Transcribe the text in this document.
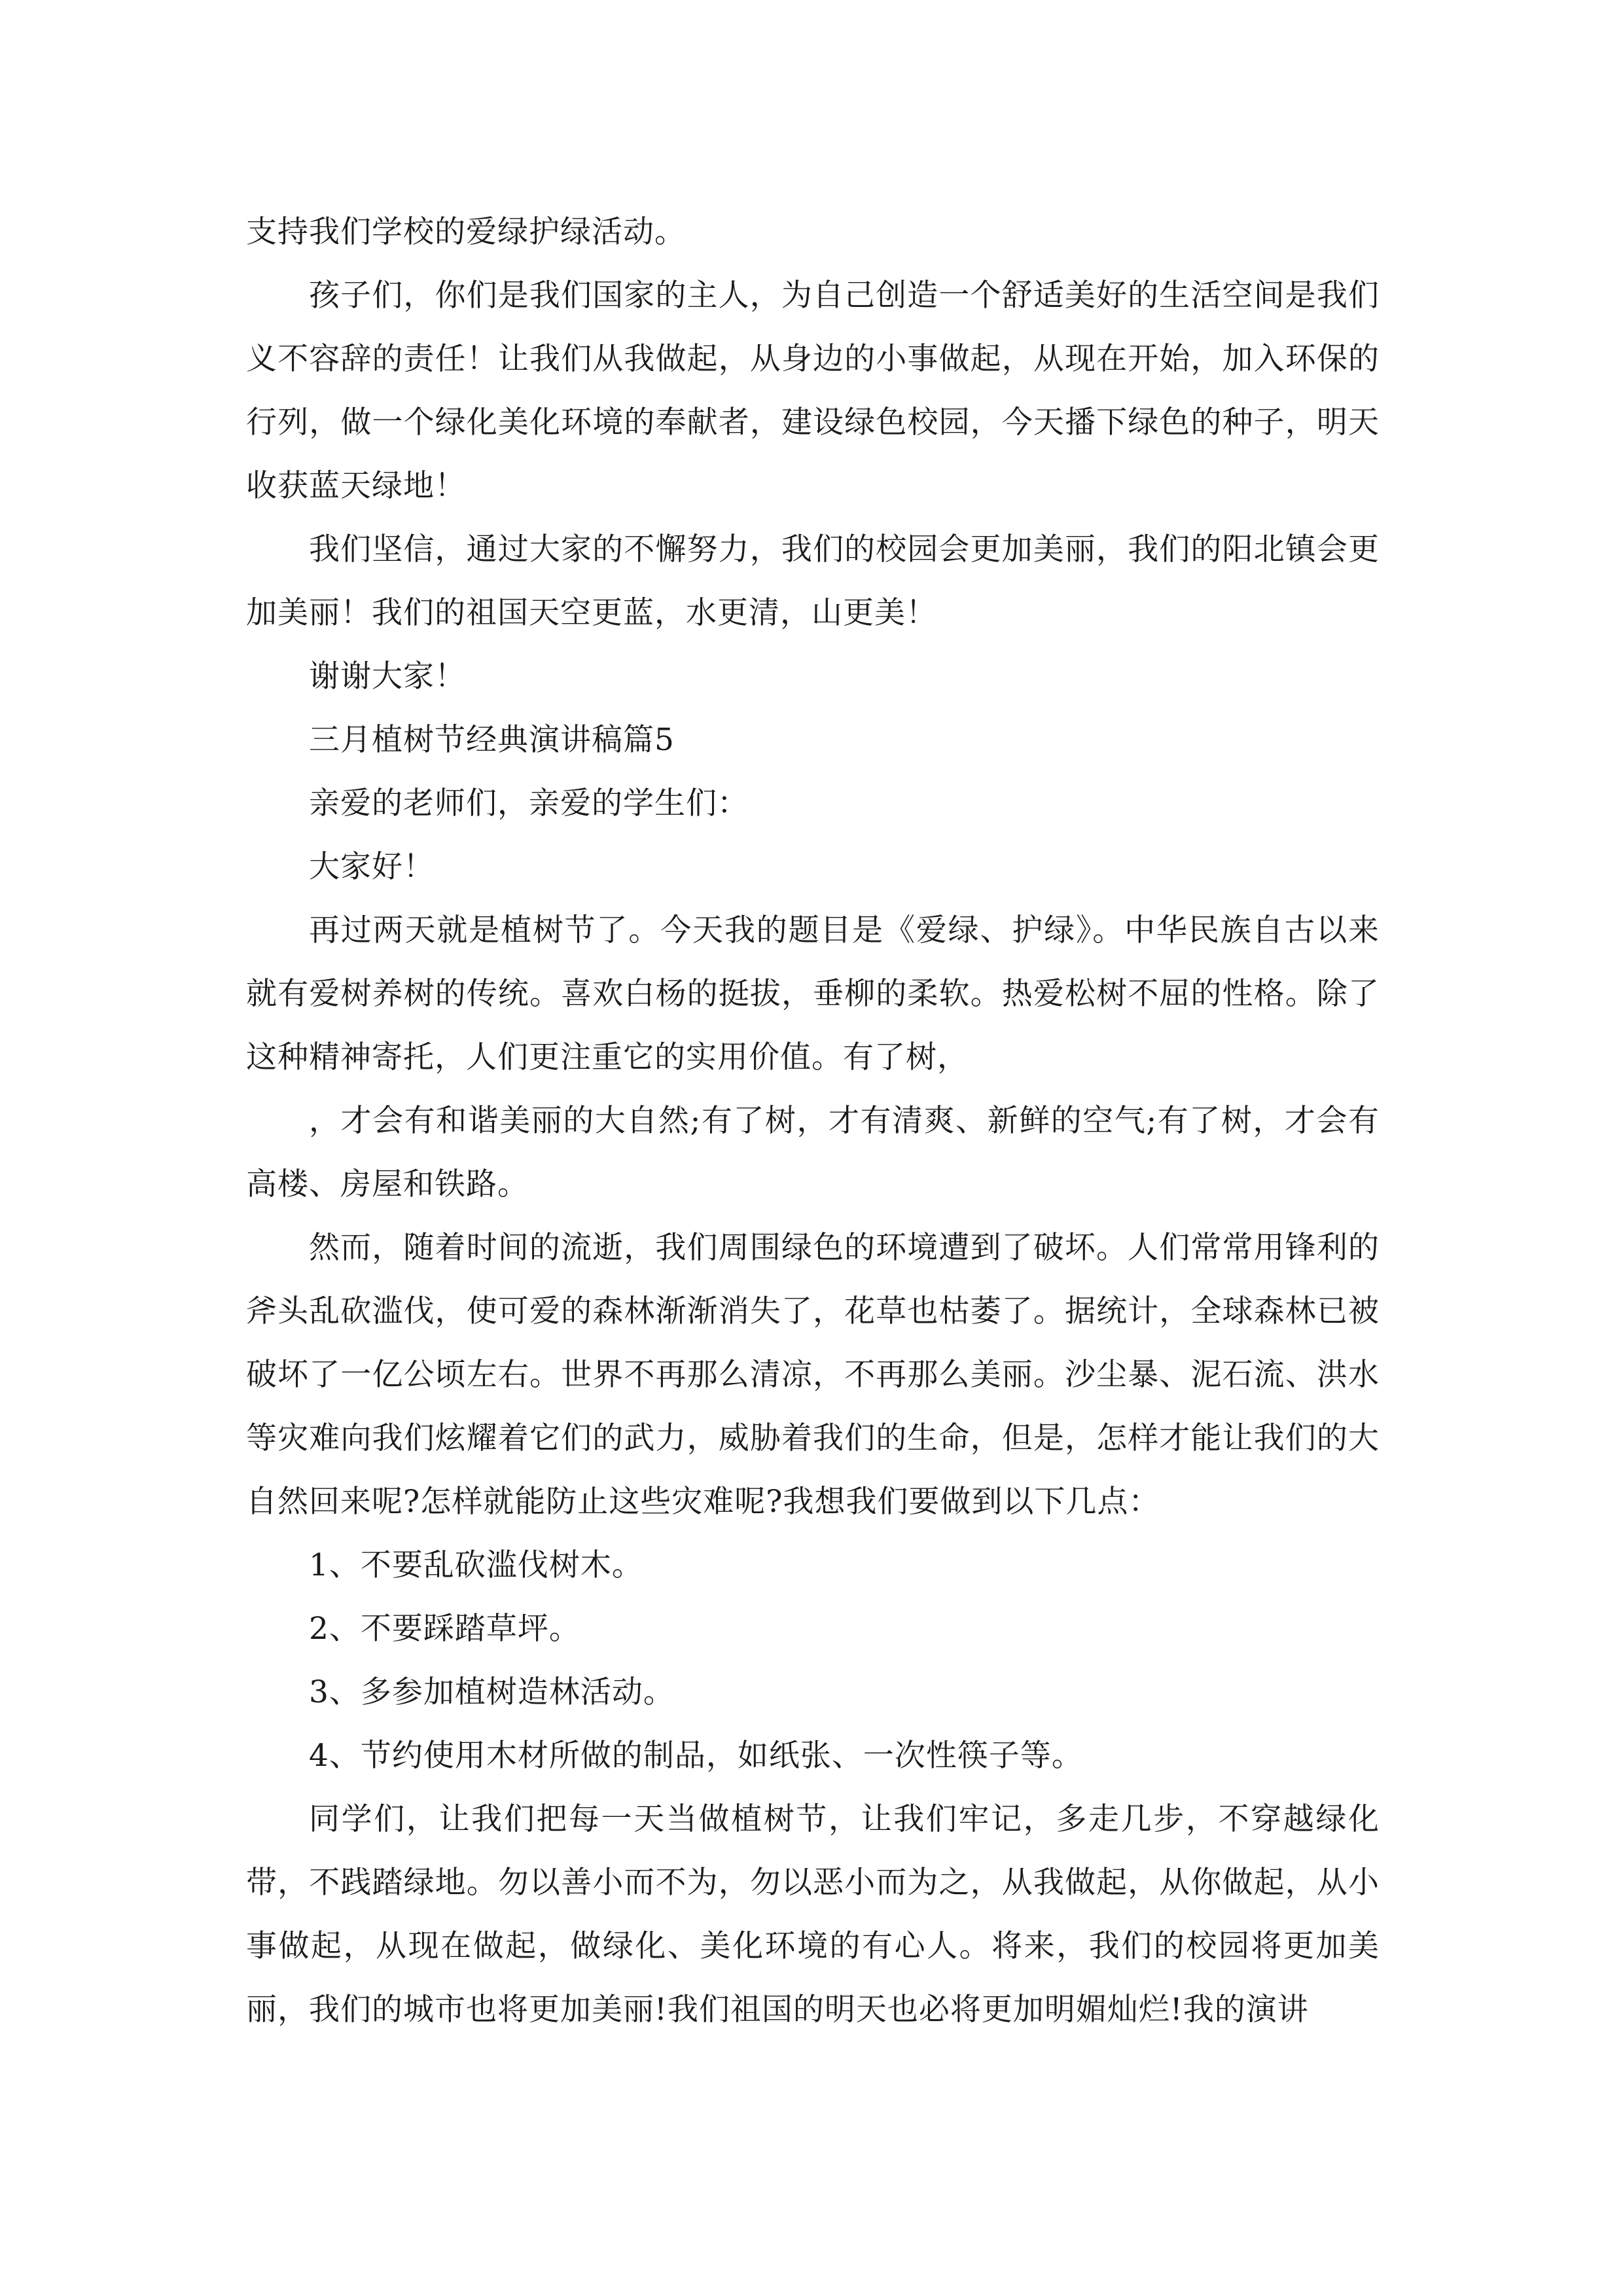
支持我们学校的爱绿护绿活动。

孩子们，你们是我们国家的主人，为自己创造一个舒适美好的生活空间是我们义不容辞的责任！让我们从我做起，从身边的小事做起，从现在开始，加入环保的行列，做一个绿化美化环境的奉献者，建设绿色校园，今天播下绿色的种子，明天收获蓝天绿地！

我们坚信，通过大家的不懈努力，我们的校园会更加美丽，我们的阳北镇会更加美丽！我们的祖国天空更蓝，水更清，山更美！

谢谢大家！

三月植树节经典演讲稿篇5

亲爱的老师们，亲爱的学生们：

大家好！

再过两天就是植树节了。今天我的题目是《爱绿、护绿》。中华民族自古以来就有爱树养树的传统。喜欢白杨的挺拔，垂柳的柔软。热爱松树不屈的性格。除了这种精神寄托，人们更注重它的实用价值。有了树，

，才会有和谐美丽的大自然;有了树，才有清爽、新鲜的空气;有了树，才会有高楼、房屋和铁路。

然而，随着时间的流逝，我们周围绿色的环境遭到了破坏。人们常常用锋利的斧头乱砍滥伐，使可爱的森林渐渐消失了，花草也枯萎了。据统计，全球森林已被破坏了一亿公顷左右。世界不再那么清凉，不再那么美丽。沙尘暴、泥石流、洪水等灾难向我们炫耀着它们的武力，威胁着我们的生命，但是，怎样才能让我们的大自然回来呢?怎样就能防止这些灾难呢?我想我们要做到以下几点：

1、不要乱砍滥伐树木。

2、不要踩踏草坪。

3、多参加植树造林活动。

4、节约使用木材所做的制品，如纸张、一次性筷子等。

同学们，让我们把每一天当做植树节，让我们牢记，多走几步，不穿越绿化带，不践踏绿地。勿以善小而不为，勿以恶小而为之，从我做起，从你做起，从小事做起，从现在做起，做绿化、美化环境的有心人。将来，我们的校园将更加美丽，我们的城市也将更加美丽!我们祖国的明天也必将更加明媚灿烂!我的演讲
